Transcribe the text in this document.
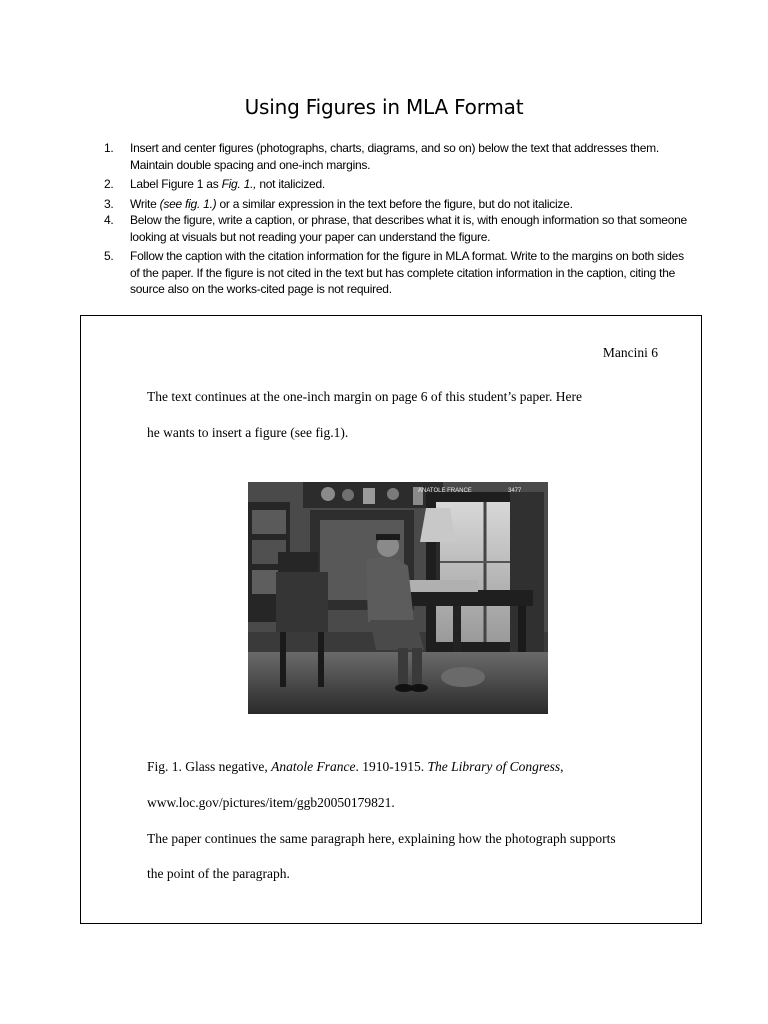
Using Figures in MLA Format
1. Insert and center figures (photographs, charts, diagrams, and so on) below the text that addresses them. Maintain double spacing and one-inch margins.
2. Label Figure 1 as Fig. 1., not italicized.
3. Write (see fig. 1.) or a similar expression in the text before the figure, but do not italicize.
4. Below the figure, write a caption, or phrase, that describes what it is, with enough information so that someone looking at visuals but not reading your paper can understand the figure.
5. Follow the caption with the citation information for the figure in MLA format. Write to the margins on both sides of the paper. If the figure is not cited in the text but has complete citation information in the caption, citing the source also on the works-cited page is not required.
Mancini 6
The text continues at the one-inch margin on page 6 of this student’s paper. Here
he wants to insert a figure (see fig.1).
ANATOLE FRANCE	3477
Fig. 1. Glass negative, Anatole France. 1910-1915. The Library of Congress,
www.loc.gov/pictures/item/ggb20050179821.
The paper continues the same paragraph here, explaining how the photograph supports
the point of the paragraph.
